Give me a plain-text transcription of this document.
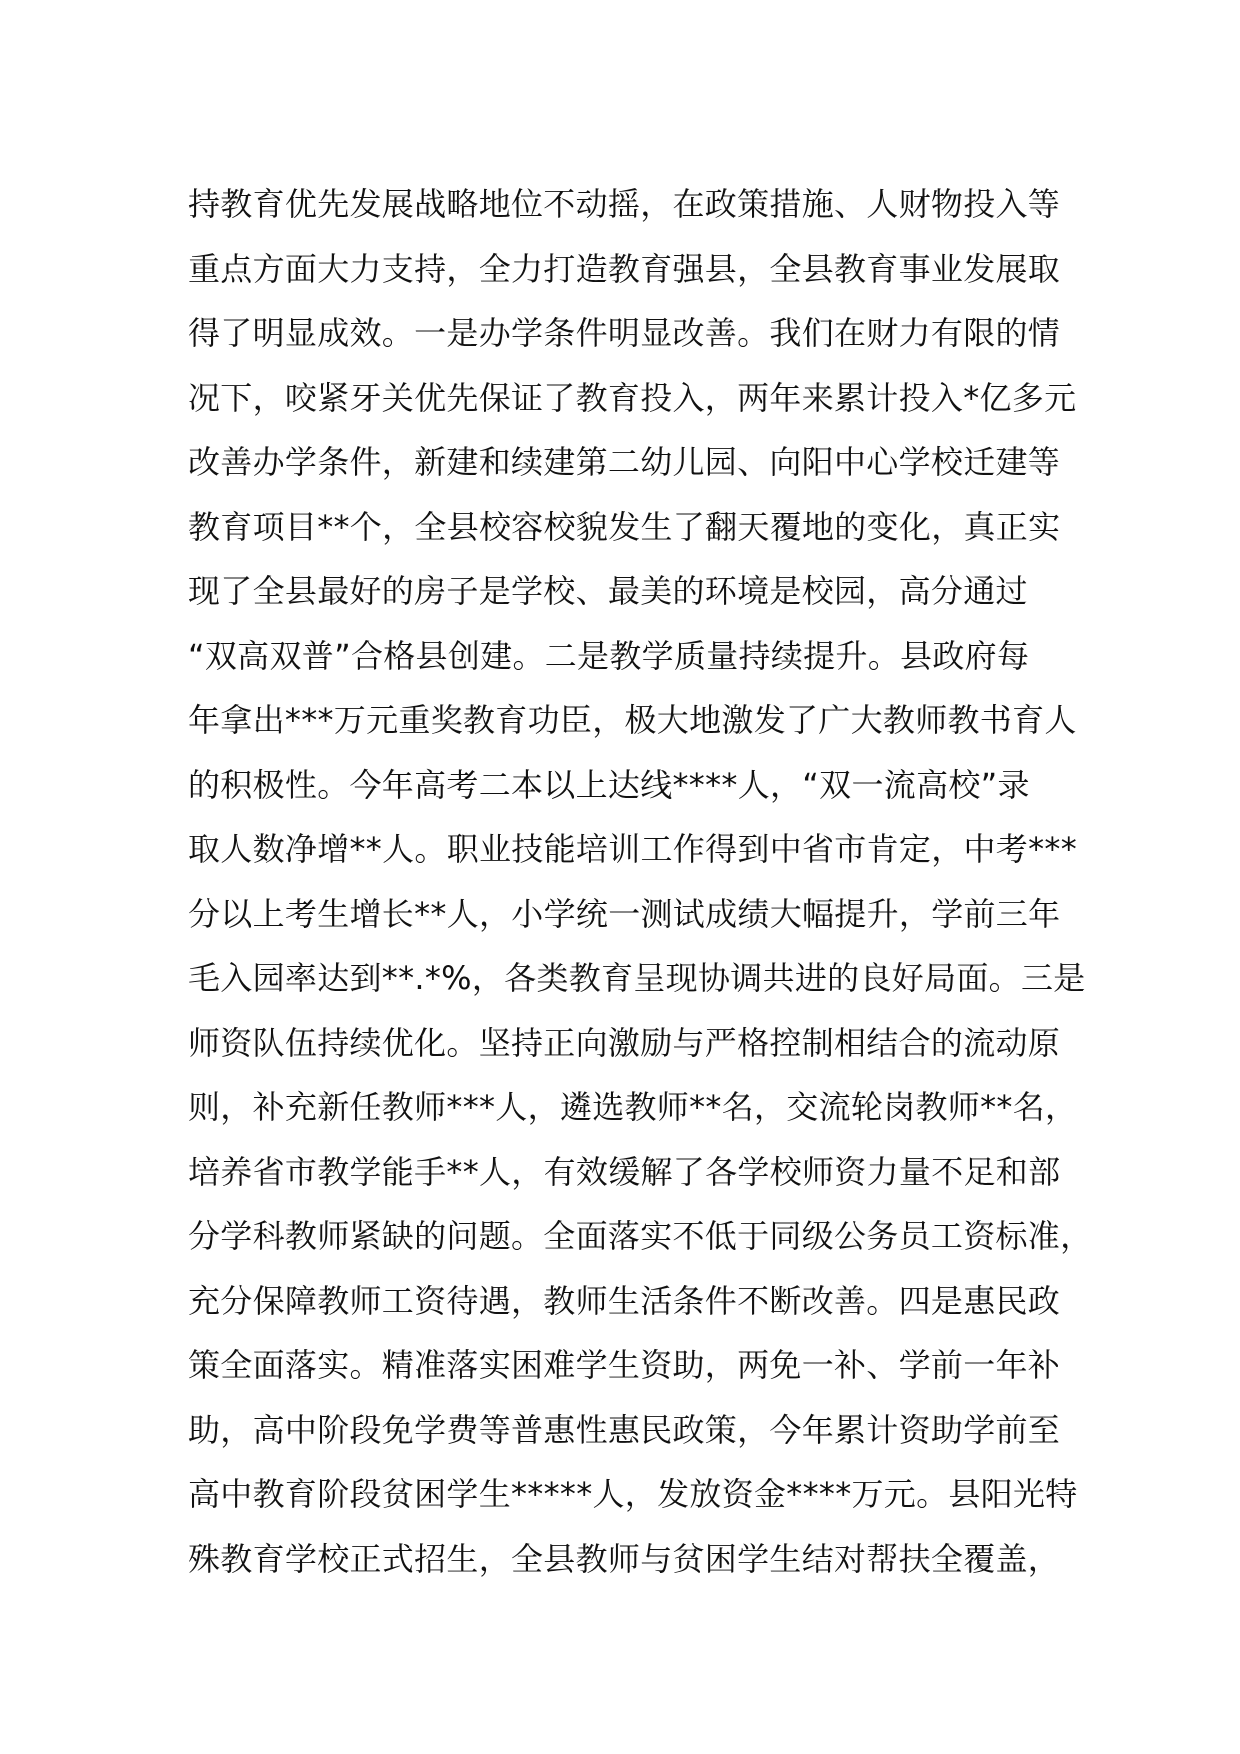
持教育优先发展战略地位不动摇，在政策措施、人财物投入等
重点方面大力支持，全力打造教育强县，全县教育事业发展取
得了明显成效。一是办学条件明显改善。我们在财力有限的情
况下，咬紧牙关优先保证了教育投入，两年来累计投入*亿多元
改善办学条件，新建和续建第二幼儿园、向阳中心学校迁建等
教育项目**个，全县校容校貌发生了翻天覆地的变化，真正实
现了全县最好的房子是学校、最美的环境是校园，高分通过
“双高双普”合格县创建。二是教学质量持续提升。县政府每
年拿出***万元重奖教育功臣，极大地激发了广大教师教书育人
的积极性。今年高考二本以上达线****人，“双一流高校”录
取人数净增**人。职业技能培训工作得到中省市肯定，中考***
分以上考生增长**人，小学统一测试成绩大幅提升，学前三年
毛入园率达到**.*%，各类教育呈现协调共进的良好局面。三是
师资队伍持续优化。坚持正向激励与严格控制相结合的流动原
则，补充新任教师***人，遴选教师**名，交流轮岗教师**名，
培养省市教学能手**人，有效缓解了各学校师资力量不足和部
分学科教师紧缺的问题。全面落实不低于同级公务员工资标准，
充分保障教师工资待遇，教师生活条件不断改善。四是惠民政
策全面落实。精准落实困难学生资助，两免一补、学前一年补
助，高中阶段免学费等普惠性惠民政策，今年累计资助学前至
高中教育阶段贫困学生*****人，发放资金****万元。县阳光特
殊教育学校正式招生，全县教师与贫困学生结对帮扶全覆盖，
